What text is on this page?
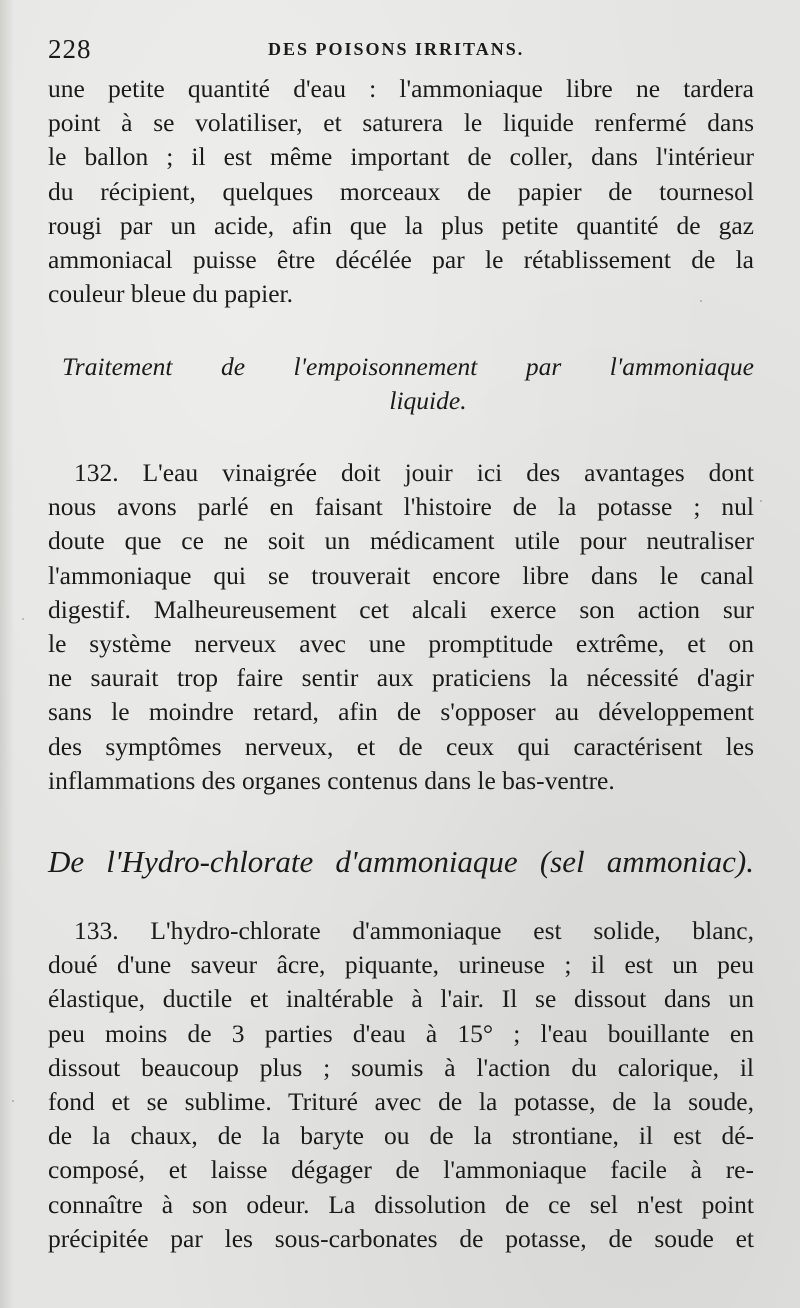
228	DES POISONS IRRITANS.
une petite quantité d'eau : l'ammoniaque libre ne tardera
point à se volatiliser, et saturera le liquide renfermé dans
le ballon ; il est même important de coller, dans l'intérieur
du récipient, quelques morceaux de papier de tournesol
rougi par un acide, afin que la plus petite quantité de gaz
ammoniacal puisse être décélée par le rétablissement de la
couleur bleue du papier.
Traitement de l'empoisonnement par l'ammoniaque
liquide.
132. L'eau vinaigrée doit jouir ici des avantages dont
nous avons parlé en faisant l'histoire de la potasse ; nul
doute que ce ne soit un médicament utile pour neutraliser
l'ammoniaque qui se trouverait encore libre dans le canal
digestif. Malheureusement cet alcali exerce son action sur
le système nerveux avec une promptitude extrême, et on
ne saurait trop faire sentir aux praticiens la nécessité d'agir
sans le moindre retard, afin de s'opposer au développement
des symptômes nerveux, et de ceux qui caractérisent les
inflammations des organes contenus dans le bas-ventre.
De l'Hydro-chlorate d'ammoniaque (sel ammoniac).
133. L'hydro-chlorate d'ammoniaque est solide, blanc,
doué d'une saveur âcre, piquante, urineuse ; il est un peu
élastique, ductile et inaltérable à l'air. Il se dissout dans un
peu moins de 3 parties d'eau à 15° ; l'eau bouillante en
dissout beaucoup plus ; soumis à l'action du calorique, il
fond et se sublime. Trituré avec de la potasse, de la soude,
de la chaux, de la baryte ou de la strontiane, il est dé-
composé, et laisse dégager de l'ammoniaque facile à re-
connaître à son odeur. La dissolution de ce sel n'est point
précipitée par les sous-carbonates de potasse, de soude et
